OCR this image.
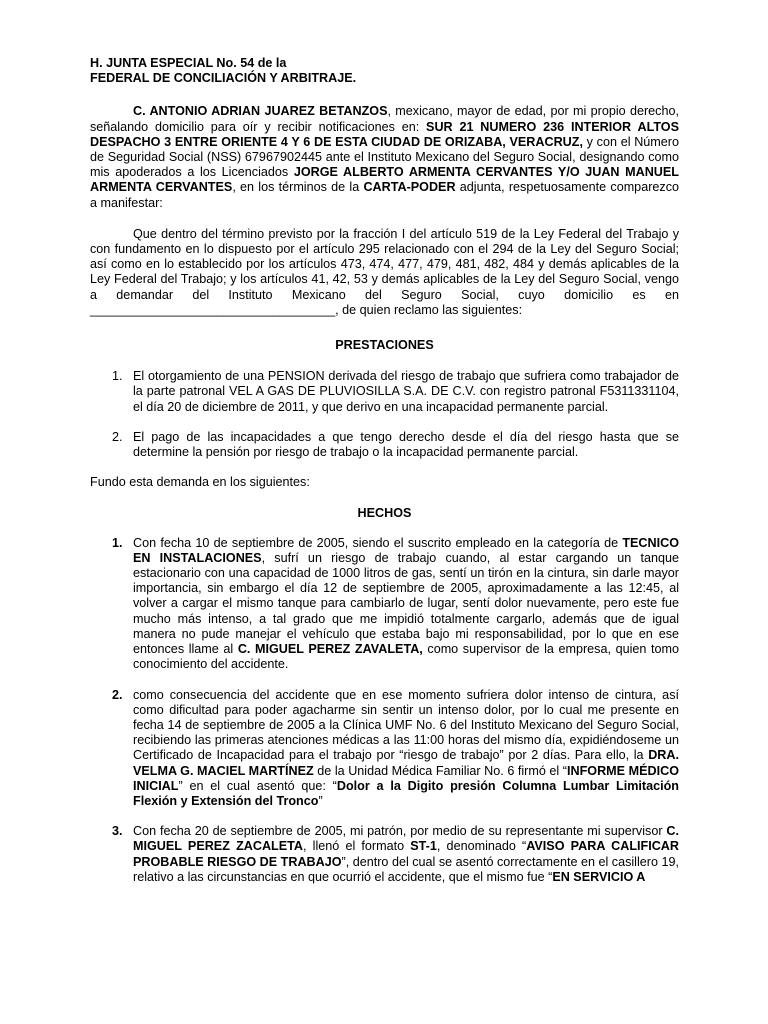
H. JUNTA ESPECIAL No. 54 de la

FEDERAL DE CONCILIACIÓN Y ARBITRAJE.

C. ANTONIO ADRIAN JUAREZ BETANZOS, mexicano, mayor de edad, por mi propio derecho, señalando domicilio para oír y recibir notificaciones en: SUR 21 NUMERO 236 INTERIOR ALTOS DESPACHO 3 ENTRE ORIENTE 4 Y 6 DE ESTA CIUDAD DE ORIZABA, VERACRUZ, y con el Número de Seguridad Social (NSS) 67967902445 ante el Instituto Mexicano del Seguro Social, designando como mis apoderados a los Licenciados JORGE ALBERTO ARMENTA CERVANTES Y/O JUAN MANUEL ARMENTA CERVANTES, en los términos de la CARTA-PODER adjunta, respetuosamente comparezco a manifestar:

Que dentro del término previsto por la fracción I del artículo 519 de la Ley Federal del Trabajo y con fundamento en lo dispuesto por el artículo 295 relacionado con el 294 de la Ley del Seguro Social; así como en lo establecido por los artículos 473, 474, 477, 479, 481, 482, 484 y demás aplicables de la Ley Federal del Trabajo; y los artículos 41, 42, 53 y demás aplicables de la Ley del Seguro Social, vengo a demandar del Instituto Mexicano del Seguro Social, cuyo domicilio es en

___________________________________, de quien reclamo las siguientes:

PRESTACIONES

1. El otorgamiento de una PENSION derivada del riesgo de trabajo que sufriera como trabajador de la parte patronal VEL A GAS DE PLUVIOSILLA S.A. DE C.V. con registro patronal F5311331104, el día 20 de diciembre de 2011, y que derivo en una incapacidad permanente parcial.
2. El pago de las incapacidades a que tengo derecho desde el día del riesgo hasta que se determine la pensión por riesgo de trabajo o la incapacidad permanente parcial.

Fundo esta demanda en los siguientes:

HECHOS

1. Con fecha 10 de septiembre de 2005, siendo el suscrito empleado en la categoría de TECNICO EN INSTALACIONES, sufrí un riesgo de trabajo cuando, al estar cargando un tanque estacionario con una capacidad de 1000 litros de gas, sentí un tirón en la cintura, sin darle mayor importancia, sin embargo el día 12 de septiembre de 2005, aproximadamente a las 12:45, al volver a cargar el mismo tanque para cambiarlo de lugar, sentí dolor nuevamente, pero este fue mucho más intenso, a tal grado que me impidió totalmente cargarlo, además que de igual manera no pude manejar el vehículo que estaba bajo mi responsabilidad, por lo que en ese entonces llame al C. MIGUEL PEREZ ZAVALETA, como supervisor de la empresa, quien tomo conocimiento del accidente.
2. como consecuencia del accidente que en ese momento sufriera dolor intenso de cintura, así como dificultad para poder agacharme sin sentir un intenso dolor, por lo cual me presente en fecha 14 de septiembre de 2005 a la Clínica UMF No. 6 del Instituto Mexicano del Seguro Social, recibiendo las primeras atenciones médicas a las 11:00 horas del mismo día, expidiéndoseme un Certificado de Incapacidad para el trabajo por “riesgo de trabajo” por 2 días. Para ello, la DRA. VELMA G. MACIEL MARTÍNEZ de la Unidad Médica Familiar No. 6 firmó el “INFORME MÉDICO INICIAL” en el cual asentó que: “Dolor a la Digito presión Columna Lumbar Limitación Flexión y Extensión del Tronco”
3. Con fecha 20 de septiembre de 2005, mi patrón, por medio de su representante mi supervisor C. MIGUEL PEREZ ZACALETA, llenó el formato ST-1, denominado “AVISO PARA CALIFICAR PROBABLE RIESGO DE TRABAJO”, dentro del cual se asentó correctamente en el casillero 19, relativo a las circunstancias en que ocurrió el accidente, que el mismo fue “EN SERVICIO A
